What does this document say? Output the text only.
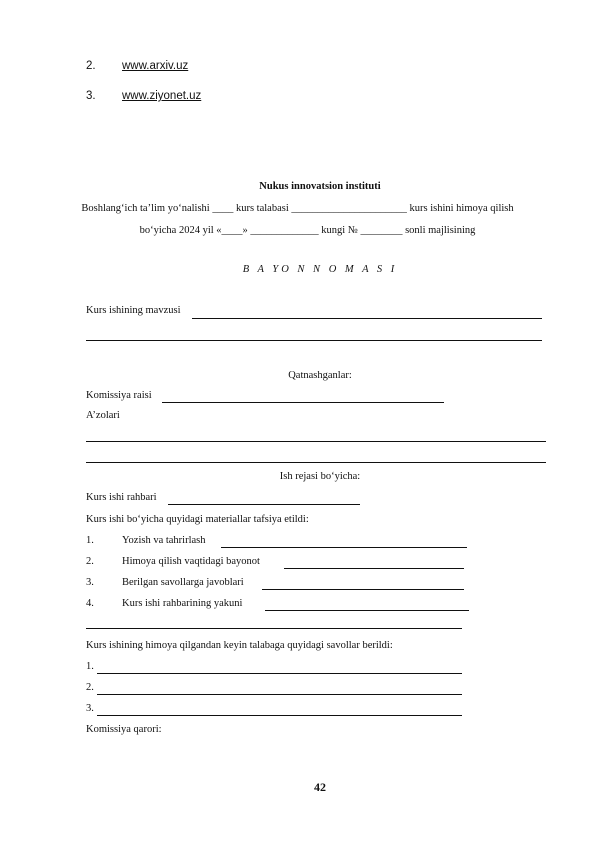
2. www.arxiv.uz
3. www.ziyonet.uz
Nukus innovatsion instituti
Boshlang‘ich ta’lim yo‘nalishi ____ kurs talabasi ______________________ kurs ishini himoya qilish
bo‘yicha 2024 yil «____» _____________ kungi № ________ sonli majlisining
B A YO N N O M A S I
Kurs ishining mavzusi
Qatnashganlar:
Komissiya raisi
A’zolari
Ish rejasi bo‘yicha:
Kurs ishi rahbari
Kurs ishi bo‘yicha quyidagi materiallar tafsiya etildi:
1.	Yozish va tahrirlash
2.	Himoya qilish vaqtidagi bayonot
3.	Berilgan savollarga javoblari
4.	Kurs ishi rahbarining yakuni
Kurs ishining himoya qilgandan keyin talabaga quyidagi savollar berildi:
1.
2.
3.
Komissiya qarori:
42
